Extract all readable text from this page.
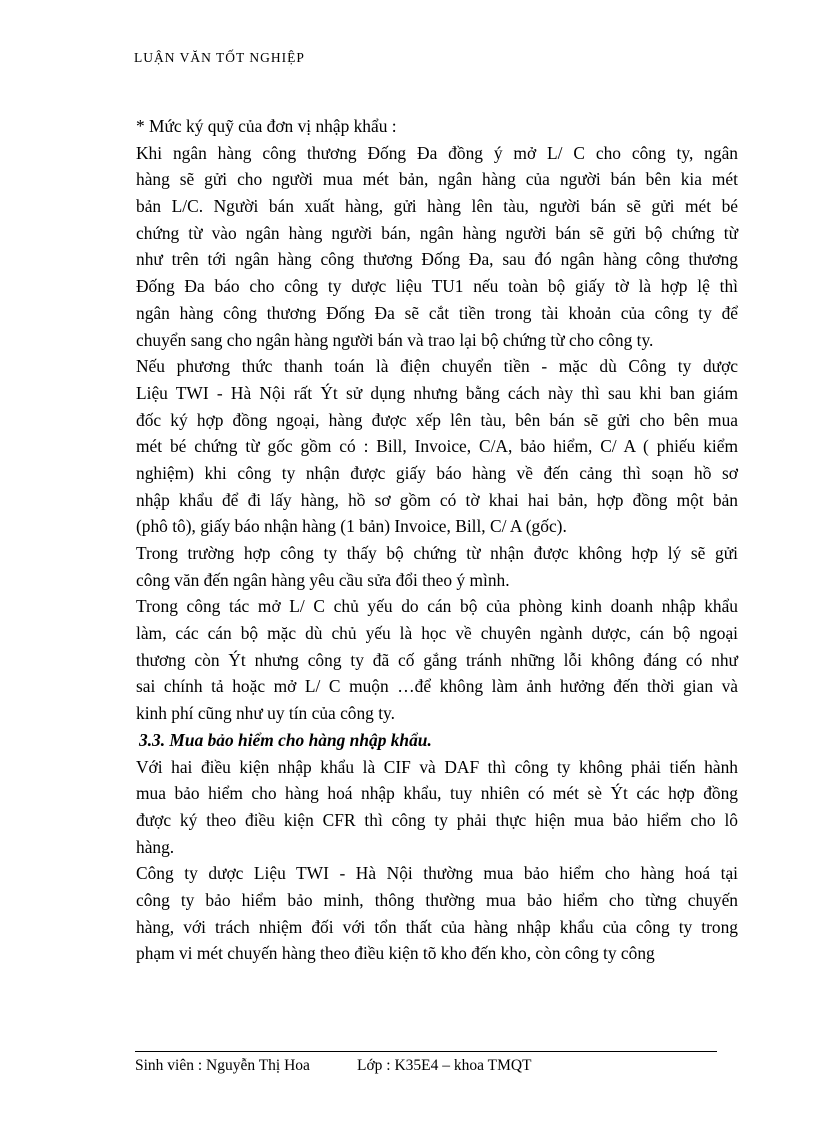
LUẬN VĂN TỐT NGHIỆP
* Mức ký quỹ của đơn vị nhập khẩu :
Khi ngân hàng công thương Đống Đa đồng ý mở L/ C cho công ty, ngân
hàng sẽ gửi cho người mua mét bản, ngân hàng của người bán bên kia mét
bản L/C. Người bán xuất hàng, gửi hàng lên tàu, người bán sẽ gửi mét bé
chứng từ vào ngân hàng người bán, ngân hàng người bán sẽ gửi bộ chứng từ
như trên tới ngân hàng công thương Đống Đa, sau đó ngân hàng công thương
Đống Đa báo cho công ty dược liệu TU1 nếu toàn bộ giấy tờ là hợp lệ thì
ngân hàng công thương Đống Đa sẽ cắt tiền trong tài khoản của công ty để
chuyển sang cho ngân hàng người bán và trao lại bộ chứng từ cho công ty.
Nếu phương thức thanh toán là điện chuyển tiền - mặc dù Công ty dược
Liệu TWI - Hà Nội rất Ýt sử dụng nhưng bằng cách này thì sau khi ban giám
đốc ký hợp đồng ngoại, hàng được xếp lên tàu, bên bán sẽ gửi cho bên mua
mét bé chứng từ gốc gồm có : Bill, Invoice, C/A, bảo hiểm, C/ A ( phiếu kiểm
nghiệm) khi công ty nhận được giấy báo hàng về đến cảng thì soạn hồ sơ
nhập khẩu để đi lấy hàng, hồ sơ gồm có tờ khai hai bản, hợp đồng một bản
(phô tô), giấy báo nhận hàng (1 bản) Invoice, Bill, C/ A (gốc).
Trong trường hợp công ty thấy bộ chứng từ nhận được không hợp lý sẽ gửi
công văn đến ngân hàng yêu cầu sửa đổi theo ý mình.
Trong công tác mở L/ C chủ yếu do cán bộ của phòng kinh doanh nhập khẩu
làm, các cán bộ mặc dù chủ yếu là học về chuyên ngành dược, cán bộ ngoại
thương còn Ýt nhưng công ty đã cố gắng tránh những lỗi không đáng có như
sai chính tả hoặc mở L/ C muộn …để không làm ảnh hưởng đến thời gian và
kinh phí cũng như uy tín của công ty.
3.3. Mua bảo hiểm cho hàng nhập khẩu.
Với hai điều kiện nhập khẩu là CIF và DAF thì công ty không phải tiến hành
mua bảo hiểm cho hàng hoá nhập khẩu, tuy nhiên có mét sè Ýt các hợp đồng
được ký theo điều kiện CFR thì công ty phải thực hiện mua bảo hiểm cho lô
hàng.
Công ty dược Liệu TWI - Hà Nội thường mua bảo hiểm cho hàng hoá tại
công ty bảo hiểm bảo minh, thông thường mua bảo hiểm cho từng chuyến
hàng, với trách nhiệm đối với tổn thất của hàng nhập khẩu của công ty trong
phạm vi mét chuyến hàng theo điều kiện tõ kho đến kho, còn công ty công
Sinh viên : Nguyễn Thị Hoa	Lớp : K35E4 – khoa TMQT
